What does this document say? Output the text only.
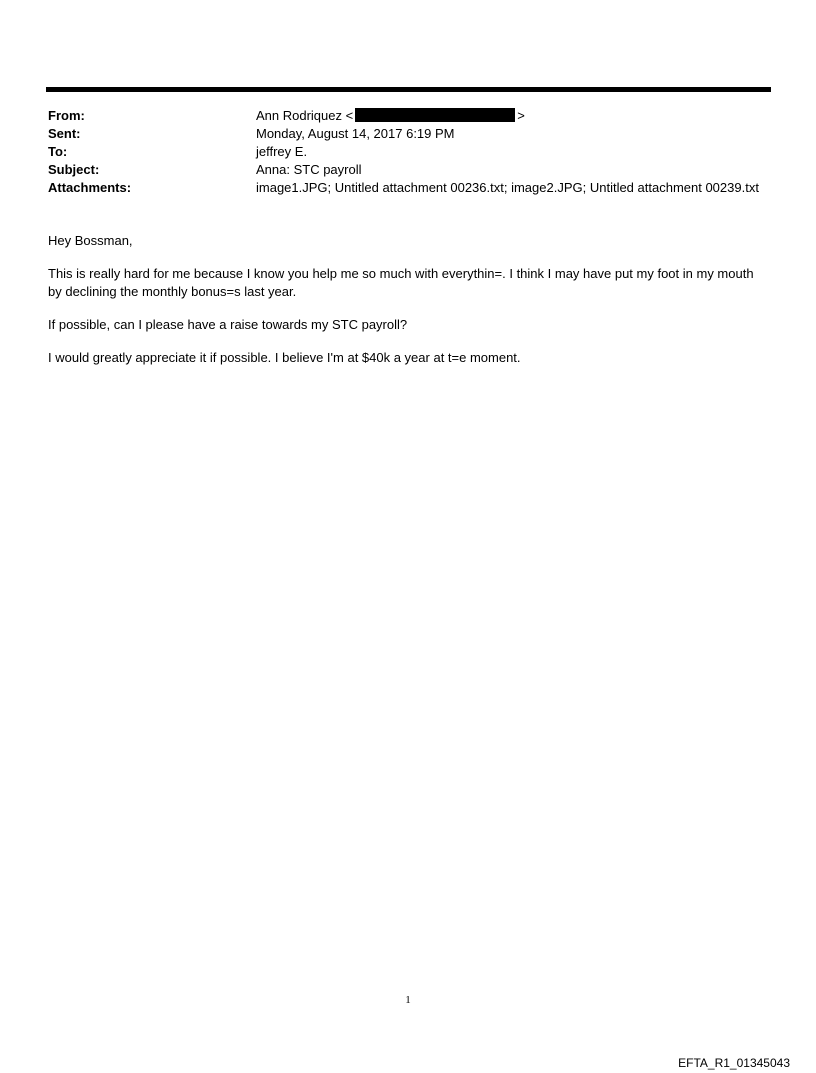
From:	Ann Rodriquez <	>
Sent:	Monday, August 14, 2017 6:19 PM
To:	jeffrey E.
Subject:	Anna: STC payroll
Attachments:	image1.JPG; Untitled attachment 00236.txt; image2.JPG; Untitled attachment 00239.txt

Hey Bossman,

This is really hard for me because I know you help me so much with everythin=. I think I may have put my foot in my mouth by declining the monthly bonus=s last year.

If possible, can I please have a raise towards my STC payroll?

I would greatly appreciate it if possible. I believe I'm at $40k a year at t=e moment.

1
EFTA_R1_01345043
